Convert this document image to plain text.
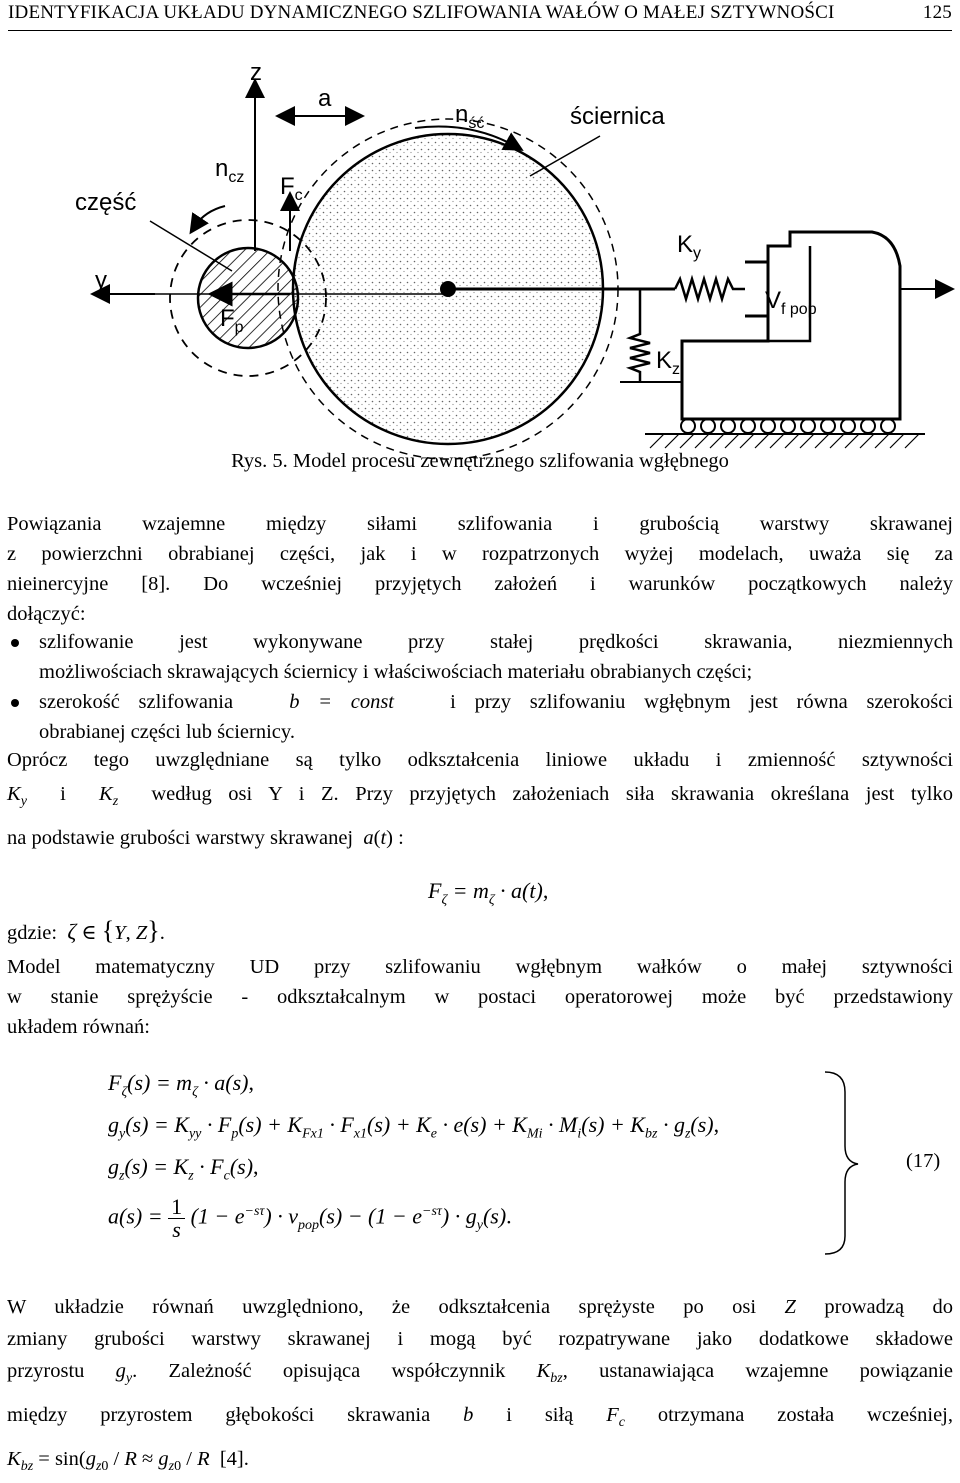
IDENTYFIKACJA UKŁADU DYNAMICZNEGO SZLIFOWANIA WAŁÓW O MAŁEJ SZTYWNOŚCI	125
z
a
$n_{ść}$	ściernica
$n_{cz}$
część
$F_c$
y
$F_p$
$K_y$
$V_{f pop}$
$K_z$
Rys. 5. Model procesu zewnętrznego szlifowania wgłębnego
Powiązania wzajemne między siłami szlifowania i grubością warstwy skrawanej
z powierzchni obrabianej części, jak i w rozpatrzonych wyżej modelach, uważa się za
nieinercyjne [8]. Do wcześniej przyjętych założeń i warunków początkowych należy
dołączyć:
szlifowanie jest wykonywane przy stałej prędkości skrawania, niezmiennych
możliwościach skrawających ściernicy i właściwościach materiału obrabianych części;
szerokość szlifowania	b = const	i przy szlifowaniu wgłębnym jest równa szerokości
obrabianej części lub ściernicy.
Oprócz tego uwzględniane są tylko odkształcenia liniowe układu i zmienność sztywności
$K_y$  i  $K_z$ według osi Y i Z. Przy przyjętych założeniach siła skrawania określana jest tylko
na podstawie grubości warstwy skrawanej a(t) :
$F_\zeta = m_\zeta \cdot a(t)$,
gdzie: ζ ∈ {Y, Z}.
Model matematyczny UD przy szlifowaniu wgłębnym wałków o małej sztywności
w stanie sprężyście - odkształcalnym w postaci operatorowej może być przedstawiony
układem równań:
$F_\zeta(s) = m_\zeta \cdot a(s)$,
$g_y(s) = K_{yy} \cdot F_p(s) + K_{Fx1} \cdot F_{x1}(s) + K_e \cdot e(s) + K_{Mi} \cdot M_i(s) + K_{bz} \cdot g_z(s)$,
$g_z(s) = K_z \cdot F_c(s)$,
$a(s) = \frac{1}{s} (1 - e^{-s\tau}) \cdot v_{pop}(s) - (1 - e^{-s\tau}) \cdot g_y(s)$.
(17)
W układzie równań uwzględniono, że odkształcenia sprężyste po osi Z prowadzą do
zmiany grubości warstwy skrawanej i mogą być rozpatrywane jako dodatkowe składowe
przyrostu $g_y$. Zależność opisująca współczynnik $K_{bz}$, ustanawiająca wzajemne powiązanie
między przyrostem głębokości skrawania b i siłą $F_c$ otrzymana została wcześniej,
$K_{bz} = \sin(g_{z0} / R \approx g_{z0} / R$  [4].
